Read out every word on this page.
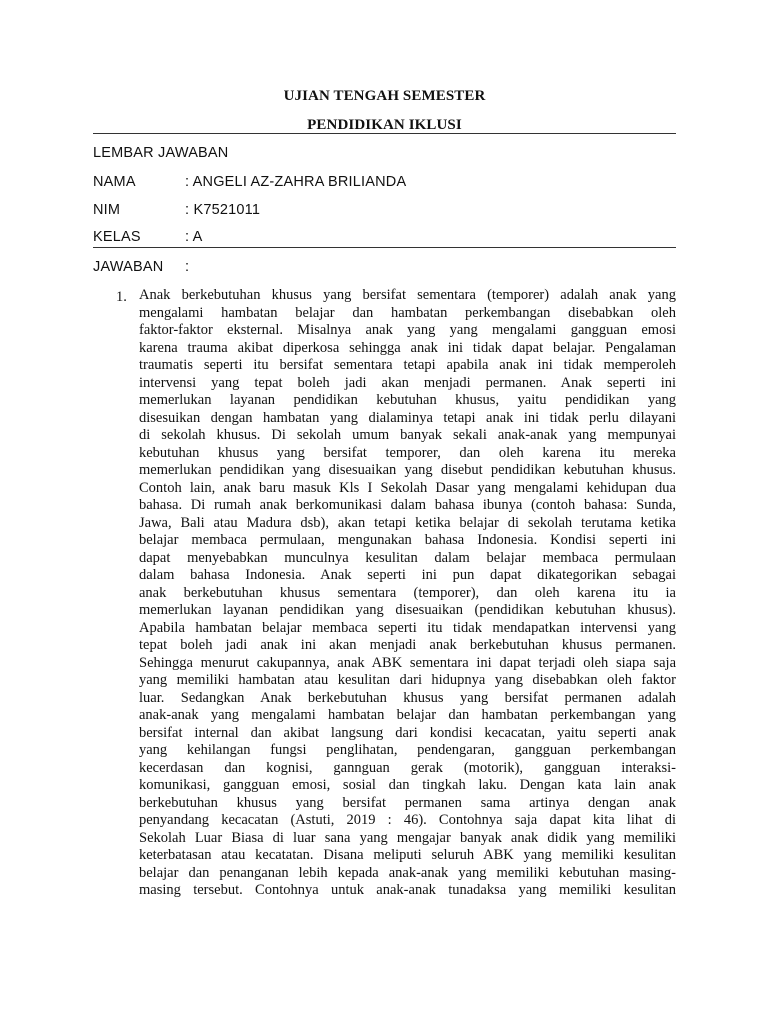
UJIAN TENGAH SEMESTER
PENDIDIKAN IKLUSI
LEMBAR JAWABAN
NAMA	: ANGELI AZ-ZAHRA BRILIANDA
NIM	: K7521011
KELAS	: A
JAWABAN :
1. Anak berkebutuhan khusus yang bersifat sementara (temporer) adalah anak yang
mengalami hambatan belajar dan hambatan perkembangan disebabkan oleh
faktor-faktor eksternal. Misalnya anak yang yang mengalami gangguan emosi
karena trauma akibat diperkosa sehingga anak ini tidak dapat belajar. Pengalaman
traumatis seperti itu bersifat sementara tetapi apabila anak ini tidak memperoleh
intervensi yang tepat boleh jadi akan menjadi permanen. Anak seperti ini
memerlukan layanan pendidikan kebutuhan khusus, yaitu pendidikan yang
disesuikan dengan hambatan yang dialaminya tetapi anak ini tidak perlu dilayani
di sekolah khusus. Di sekolah umum banyak sekali anak-anak yang mempunyai
kebutuhan khusus yang bersifat temporer, dan oleh karena itu mereka
memerlukan pendidikan yang disesuaikan yang disebut pendidikan kebutuhan khusus.
Contoh lain, anak baru masuk Kls I Sekolah Dasar yang mengalami kehidupan dua
bahasa. Di rumah anak berkomunikasi dalam bahasa ibunya (contoh bahasa: Sunda,
Jawa, Bali atau Madura dsb), akan tetapi ketika belajar di sekolah terutama ketika
belajar membaca permulaan, mengunakan bahasa Indonesia. Kondisi seperti ini
dapat menyebabkan munculnya kesulitan dalam belajar membaca permulaan
dalam bahasa Indonesia. Anak seperti ini pun dapat dikategorikan sebagai
anak berkebutuhan khusus sementara (temporer), dan oleh karena itu ia
memerlukan layanan pendidikan yang disesuaikan (pendidikan kebutuhan khusus).
Apabila hambatan belajar membaca seperti itu tidak mendapatkan intervensi yang
tepat boleh jadi anak ini akan menjadi anak berkebutuhan khusus permanen.
Sehingga menurut cakupannya, anak ABK sementara ini dapat terjadi oleh siapa saja
yang memiliki hambatan atau kesulitan dari hidupnya yang disebabkan oleh faktor
luar. Sedangkan Anak berkebutuhan khusus yang bersifat permanen adalah
anak-anak yang mengalami hambatan belajar dan hambatan perkembangan yang
bersifat internal dan akibat langsung dari kondisi kecacatan, yaitu seperti anak
yang kehilangan fungsi penglihatan, pendengaran, gangguan perkembangan
kecerdasan dan kognisi, gannguan gerak (motorik), gangguan interaksi-
komunikasi, gangguan emosi, sosial dan tingkah laku. Dengan kata lain anak
berkebutuhan khusus yang bersifat permanen sama artinya dengan anak
penyandang kecacatan (Astuti, 2019 : 46). Contohnya saja dapat kita lihat di
Sekolah Luar Biasa di luar sana yang mengajar banyak anak didik yang memiliki
keterbatasan atau kecatatan. Disana meliputi seluruh ABK yang memiliki kesulitan
belajar dan penanganan lebih kepada anak-anak yang memiliki kebutuhan masing-
masing tersebut. Contohnya untuk anak-anak tunadaksa yang memiliki kesulitan
